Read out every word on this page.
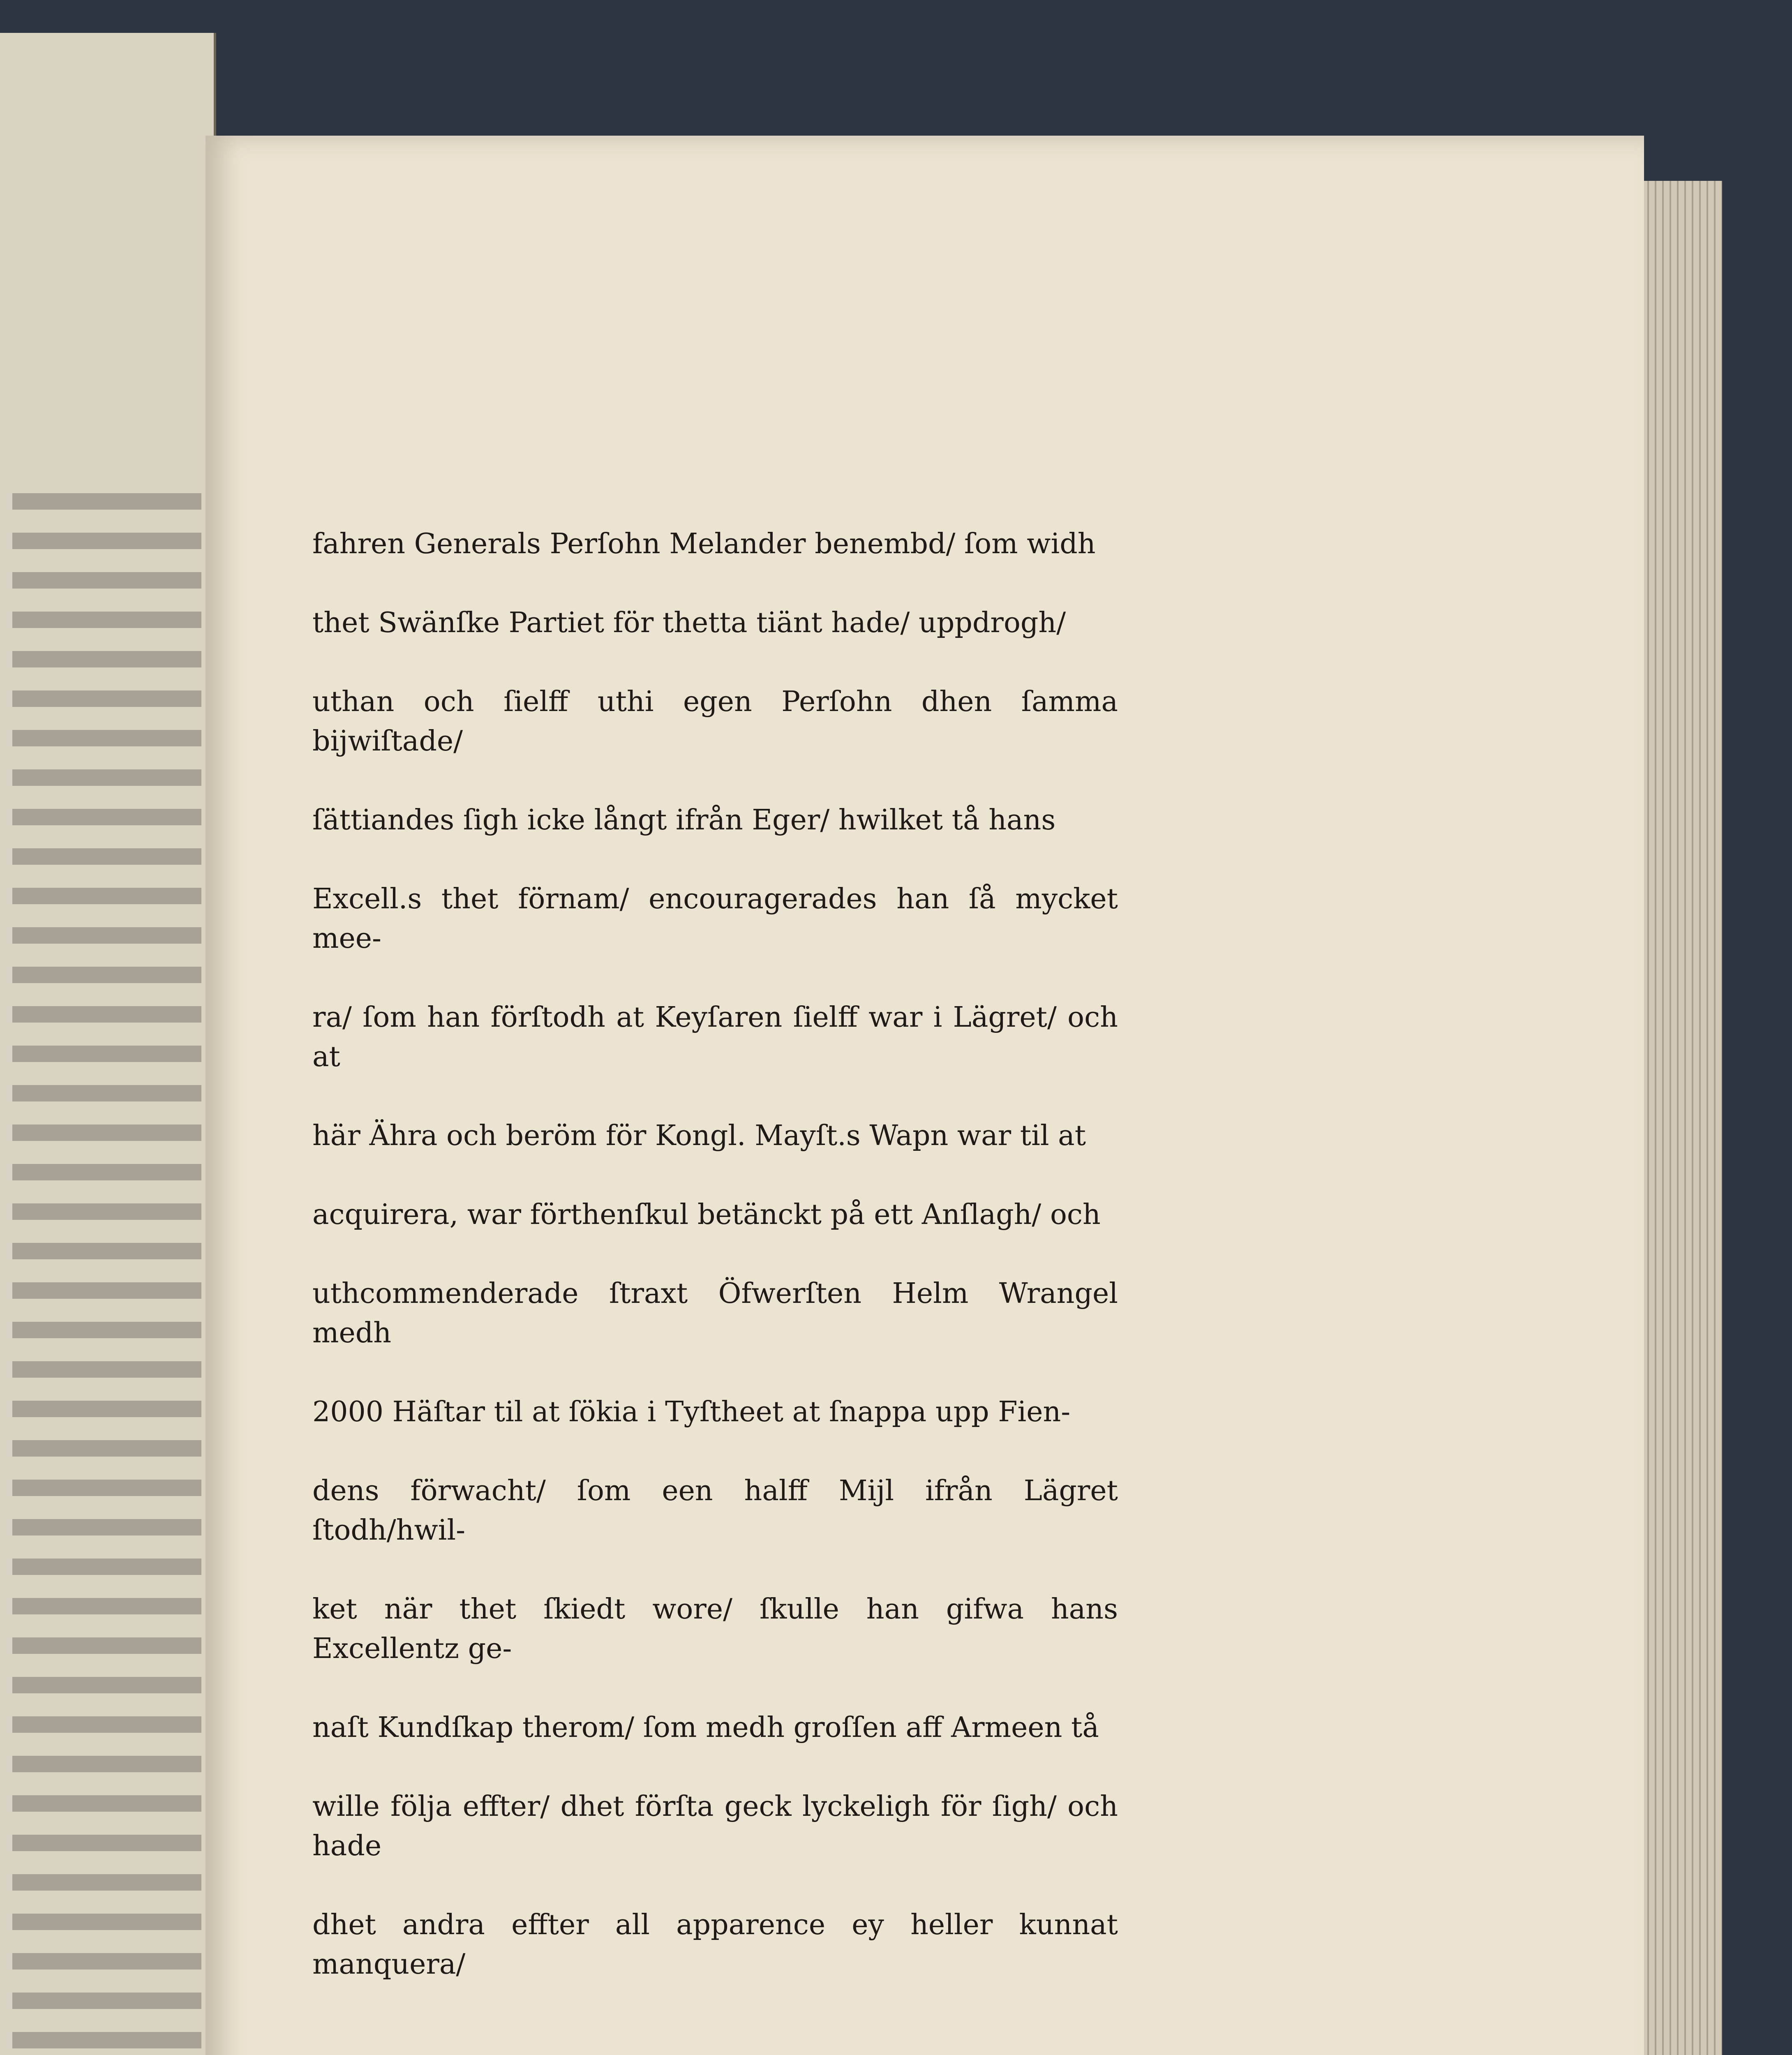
fahren Generals Perſohn Melander benembd/ ſom widh

thet Swänſke Partiet för thetta tiänt hade/ uppdrogh/

uthan och ſielff uthi egen Perſohn dhen ſamma bijwiſtade/

ſättiandes ſigh icke långt ifrån Eger/ hwilket tå hans

Excell.s thet förnam/ encouragerades han ſå mycket mee-

ra/ ſom han förſtodh at Keyſaren ſielff war i Lägret/ och at

här Ähra och beröm för Kongl. Mayſt.s Wapn war til at

acquirera, war förthenſkul betänckt på ett Anſlagh/ och

uthcommenderade ſtraxt Öfwerſten Helm Wrangel medh

2000 Häſtar til at ſökia i Tyſtheet at ſnappa upp Fien-

dens förwacht/ ſom een halff Mijl ifrån Lägret ſtodh/hwil-

ket när thet ſkiedt wore/ ſkulle han gifwa hans Excellentz ge-

naſt Kundſkap therom/ ſom medh groſſen aff Armeen tå

wille följa effter/ dhet förſta geck lyckeligh för ſigh/ och hade

dhet andra effter all apparence ey heller kunnat manquera/
